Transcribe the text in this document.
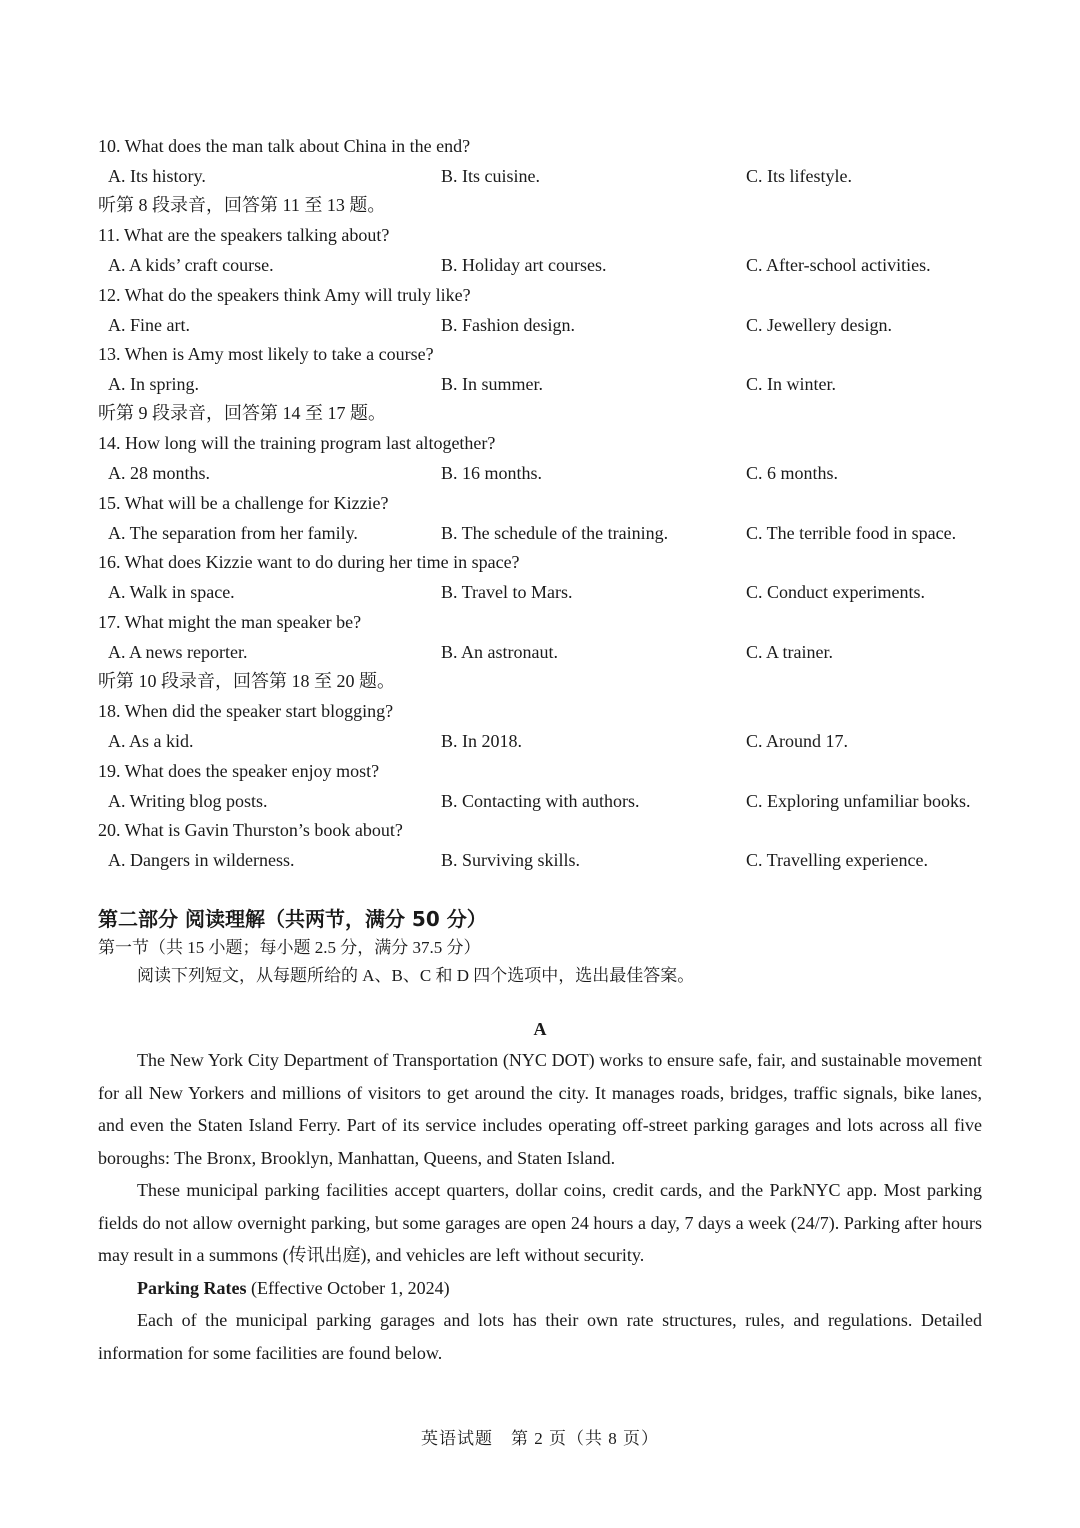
10. What does the man talk about China in the end?
A. Its history.	B. Its cuisine.	C. Its lifestyle.
听第 8 段录音，回答第 11 至 13 题。
11. What are the speakers talking about?
A. A kids’ craft course.	B. Holiday art courses.	C. After-school activities.
12. What do the speakers think Amy will truly like?
A. Fine art.	B. Fashion design.	C. Jewellery design.
13. When is Amy most likely to take a course?
A. In spring.	B. In summer.	C. In winter.
听第 9 段录音，回答第 14 至 17 题。
14. How long will the training program last altogether?
A. 28 months.	B. 16 months.	C. 6 months.
15. What will be a challenge for Kizzie?
A. The separation from her family.	B. The schedule of the training.	C. The terrible food in space.
16. What does Kizzie want to do during her time in space?
A. Walk in space.	B. Travel to Mars.	C. Conduct experiments.
17. What might the man speaker be?
A. A news reporter.	B. An astronaut.	C. A trainer.
听第 10 段录音，回答第 18 至 20 题。
18. When did the speaker start blogging?
A. As a kid.	B. In 2018.	C. Around 17.
19. What does the speaker enjoy most?
A. Writing blog posts.	B. Contacting with authors.	C. Exploring unfamiliar books.
20. What is Gavin Thurston’s book about?
A. Dangers in wilderness.	B. Surviving skills.	C. Travelling experience.
第二部分 阅读理解（共两节，满分 50 分）
第一节（共 15 小题；每小题 2.5 分，满分 37.5 分）
阅读下列短文，从每题所给的 A、B、C 和 D 四个选项中，选出最佳答案。
A

The New York City Department of Transportation (NYC DOT) works to ensure safe, fair, and sustainable movement for all New Yorkers and millions of visitors to get around the city. It manages roads, bridges, traffic signals, bike lanes, and even the Staten Island Ferry. Part of its service includes operating off-street parking garages and lots across all five boroughs: The Bronx, Brooklyn, Manhattan, Queens, and Staten Island.

These municipal parking facilities accept quarters, dollar coins, credit cards, and the ParkNYC app. Most parking fields do not allow overnight parking, but some garages are open 24 hours a day, 7 days a week (24/7). Parking after hours may result in a summons (传讯出庭), and vehicles are left without security.

Parking Rates (Effective October 1, 2024)

Each of the municipal parking garages and lots has their own rate structures, rules, and regulations. Detailed information for some facilities are found below.

英语试题　第 2 页（共 8 页）
